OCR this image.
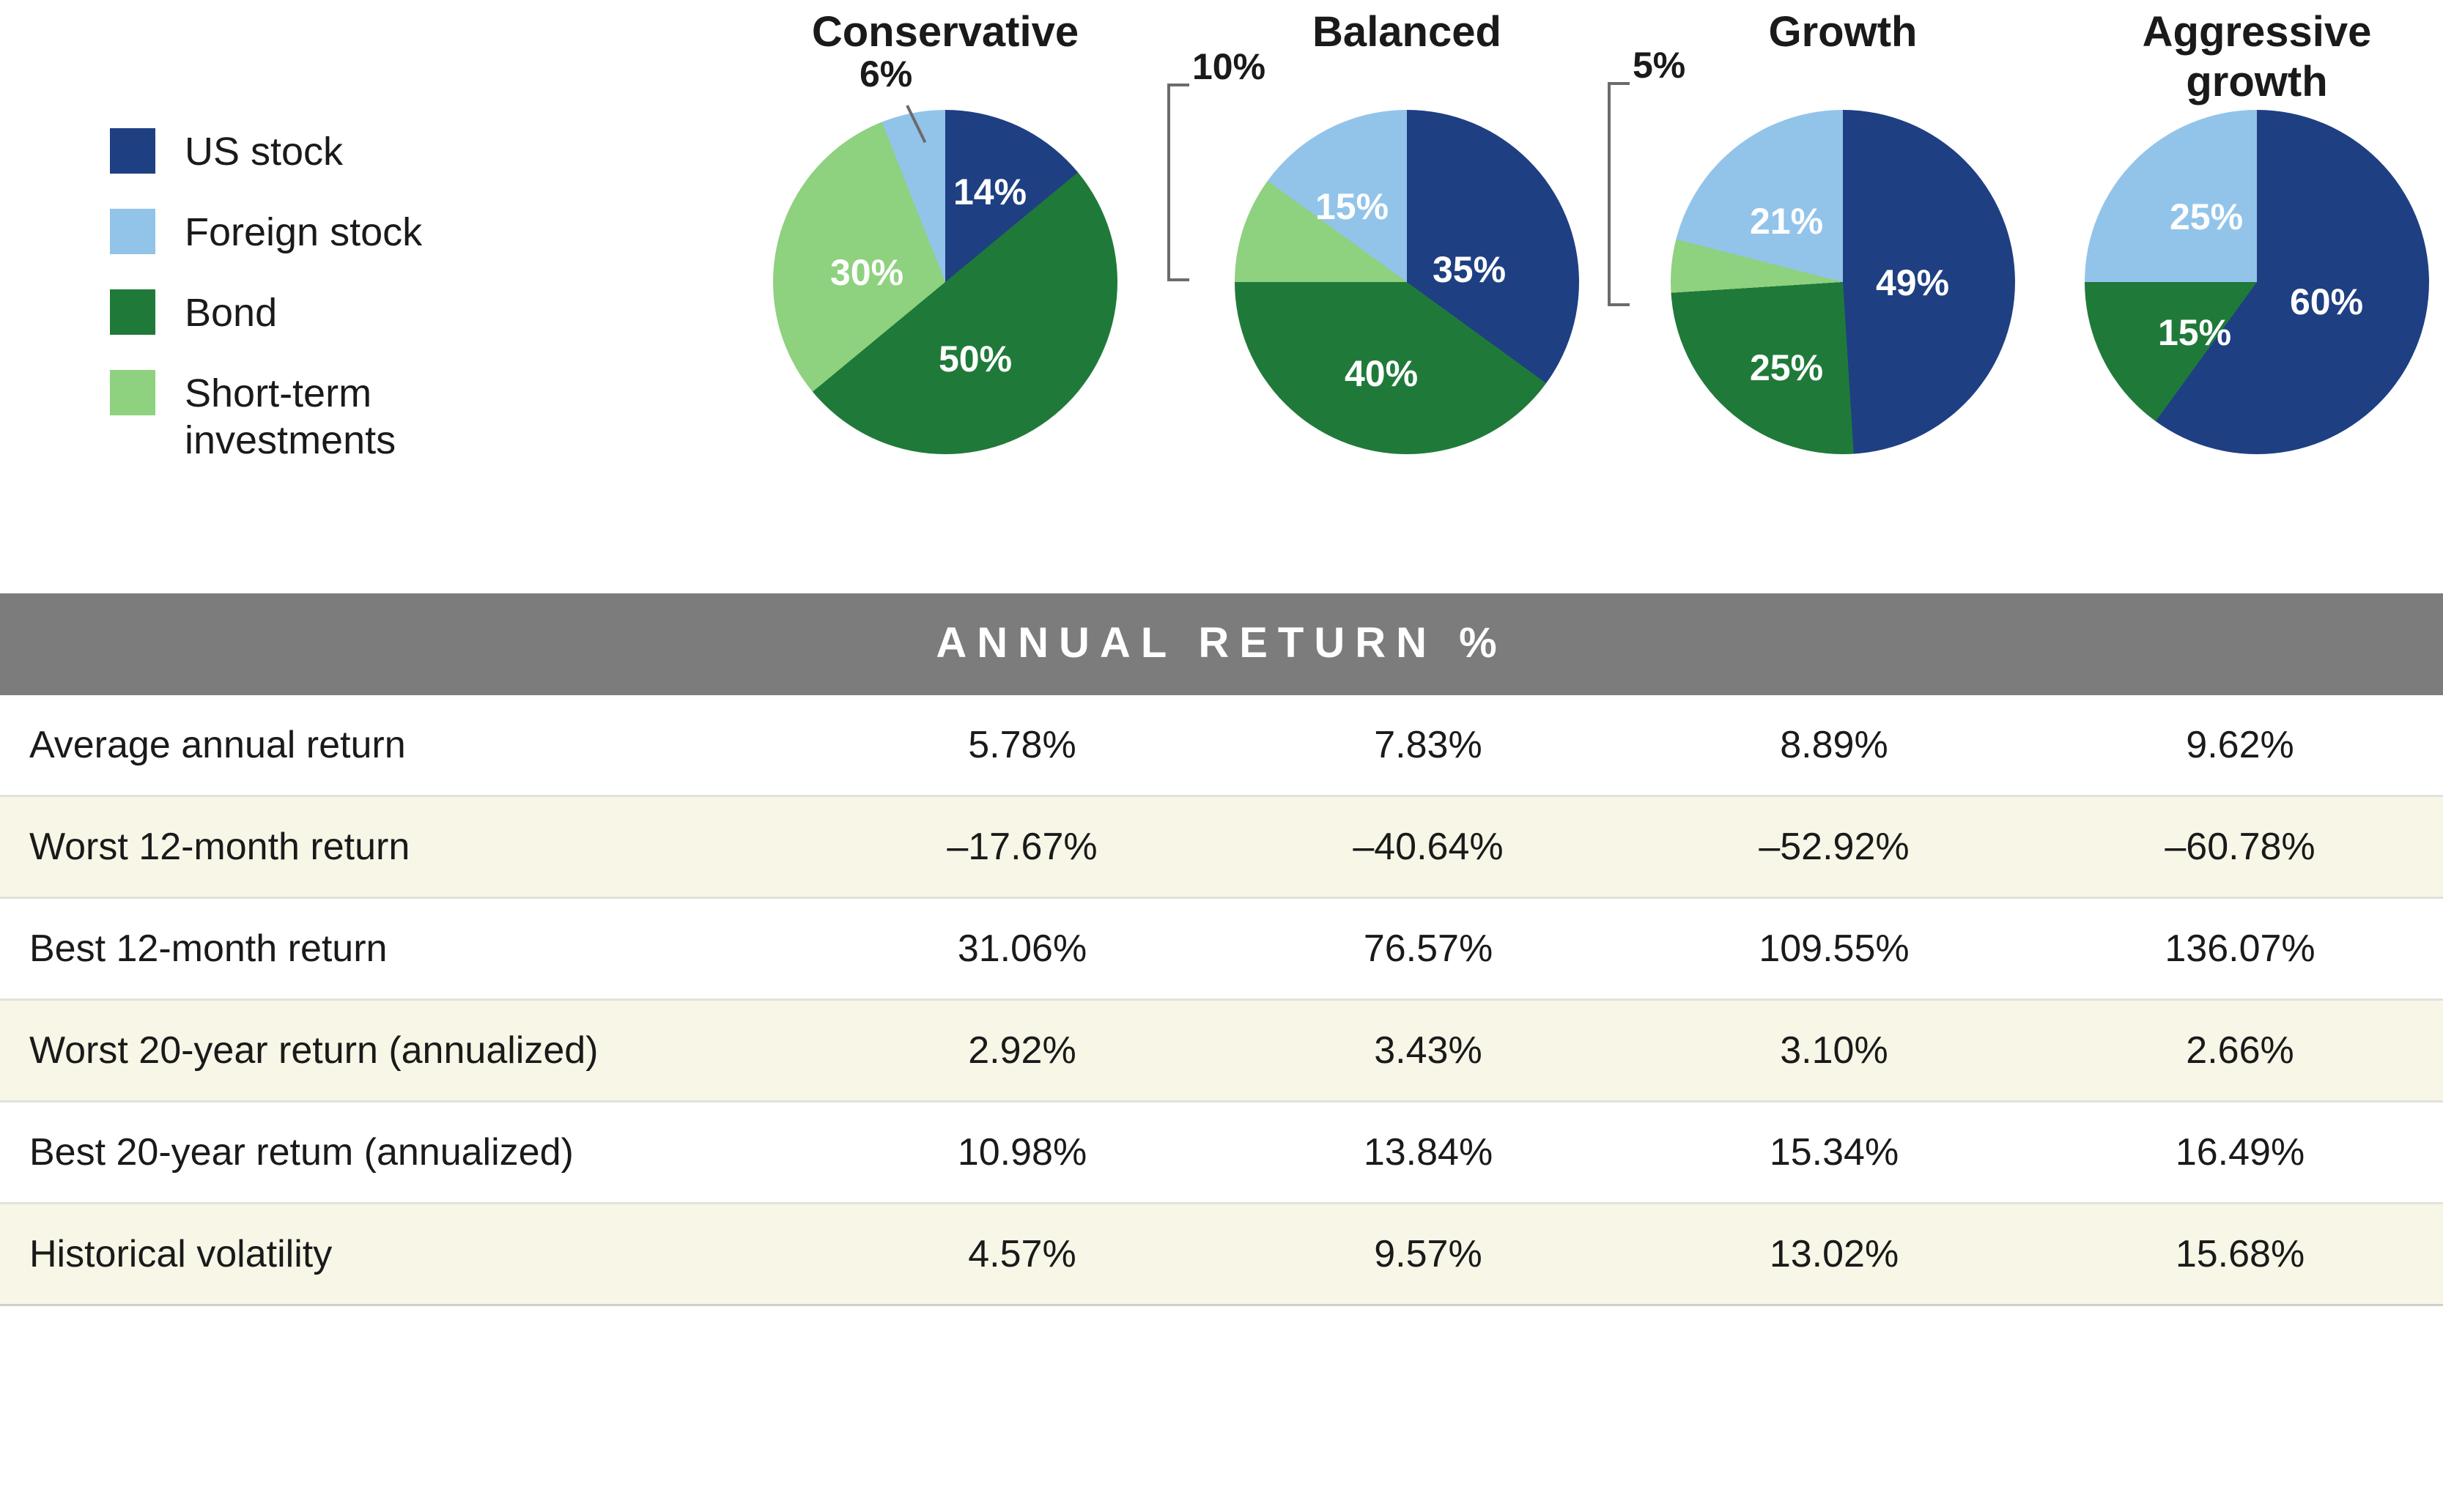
US stock
Foreign stock
Bond
Short-term
investments
Conservative
14%
50%
30%
6%
Balanced
35%
40%
15%
10%
Growth
49%
25%
21%
5%
Aggressive
growth
60%
15%
25%
ANNUAL RETURN %				
Average annual return	5.78%	7.83%	8.89%	9.62%
Worst 12-month return	–17.67%	–40.64%	–52.92%	–60.78%
Best 12-month return	31.06%	76.57%	109.55%	136.07%
Worst 20-year return (annualized)	2.92%	3.43%	3.10%	2.66%
Best 20-year retum (annualized)	10.98%	13.84%	15.34%	16.49%
Historical volatility	4.57%	9.57%	13.02%	15.68%
